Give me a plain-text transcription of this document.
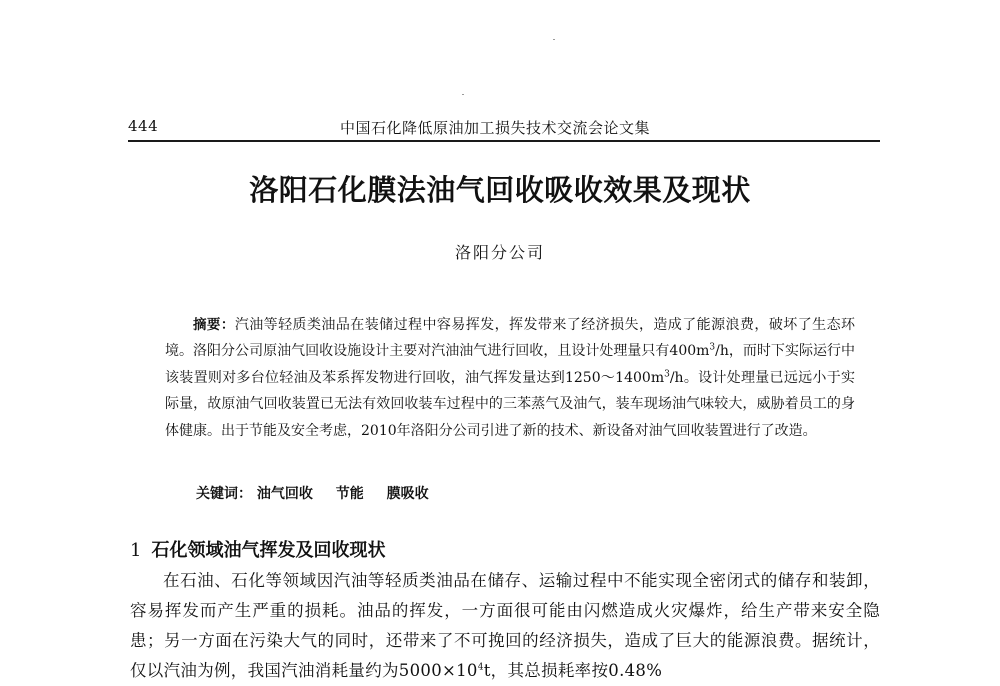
444	中国石化降低原油加工损失技术交流会论文集
洛阳石化膜法油气回收吸收效果及现状
洛阳分公司
摘要：汽油等轻质类油品在装储过程中容易挥发，挥发带来了经济损失，造成了能源浪费，破坏了生态环境。洛阳分公司原油气回收设施设计主要对汽油油气进行回收，且设计处理量只有$400m^3/h$，而时下实际运行中该装置则对多台位轻油及苯系挥发物进行回收，油气挥发量达到$1250\sim 1400m^3/h$。设计处理量已远远小于实际量，故原油气回收装置已无法有效回收装车过程中的三苯蒸气及油气，装车现场油气味较大，威胁着员工的身体健康。出于节能及安全考虑，2010年洛阳分公司引进了新的技术、新设备对油气回收装置进行了改造。
关键词： 油气回收 节能 膜吸收
1 石化领域油气挥发及回收现状
在石油、石化等领域因汽油等轻质类油品在储存、运输过程中不能实现全密闭式的储存和装卸，容易挥发而产生严重的损耗。油品的挥发，一方面很可能由闪燃造成火灾爆炸，给生产带来安全隐患；另一方面在污染大气的同时，还带来了不可挽回的经济损失，造成了巨大的能源浪费。据统计，仅以汽油为例，我国汽油消耗量约为$5000\times 10^4t$，其总损耗率按0.48%
